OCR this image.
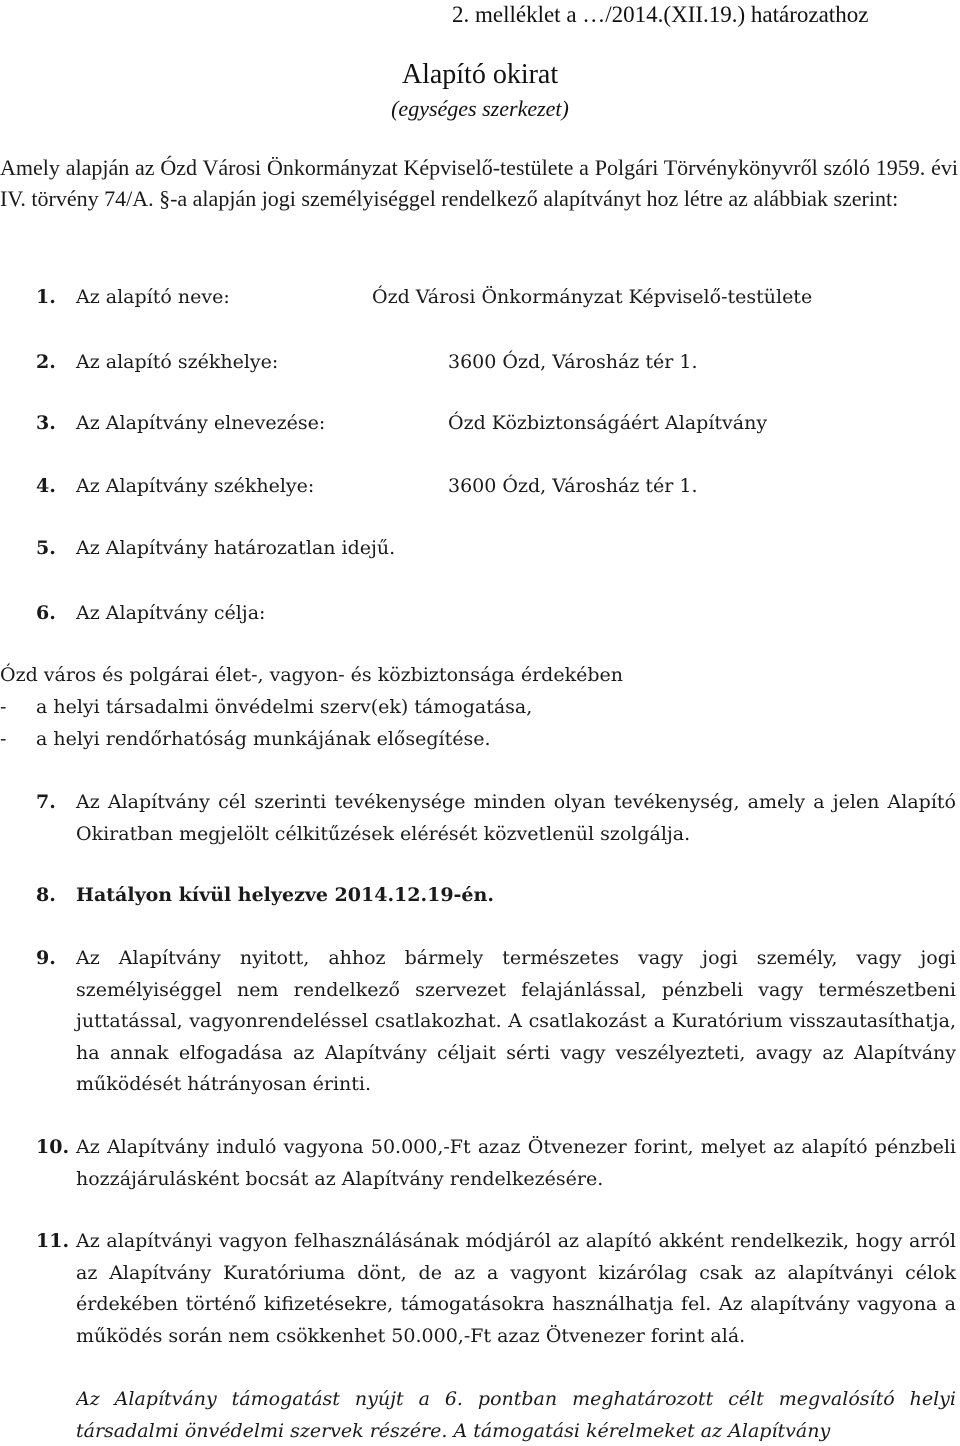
2. melléklet a …/2014.(XII.19.) határozathoz
Alapító okirat
(egységes szerkezet)
Amely alapján az Ózd Városi Önkormányzat Képviselő-testülete a Polgári Törvénykönyvről szóló 1959. évi IV. törvény 74/A. §-a alapján jogi személyiséggel rendelkező alapítványt hoz létre az alábbiak szerint:
1. Az alapító neve:	Ózd Városi Önkormányzat Képviselő-testülete
2. Az alapító székhelye:	3600 Ózd, Városház tér 1.
3. Az Alapítvány elnevezése:	Ózd Közbiztonságáért Alapítvány
4. Az Alapítvány székhelye:	3600 Ózd, Városház tér 1.
5. Az Alapítvány határozatlan idejű.
6. Az Alapítvány célja:
Ózd város és polgárai élet-, vagyon- és közbiztonsága érdekében
- a helyi társadalmi önvédelmi szerv(ek) támogatása,
- a helyi rendőrhatóság munkájának elősegítése.
7. Az Alapítvány cél szerinti tevékenysége minden olyan tevékenység, amely a jelen Alapító Okiratban megjelölt célkitűzések elérését közvetlenül szolgálja.
8. Hatályon kívül helyezve 2014.12.19-én.
9. Az Alapítvány nyitott, ahhoz bármely természetes vagy jogi személy, vagy jogi személyiséggel nem rendelkező szervezet felajánlással, pénzbeli vagy természetbeni juttatással, vagyonrendeléssel csatlakozhat. A csatlakozást a Kuratórium visszautasíthatja, ha annak elfogadása az Alapítvány céljait sérti vagy veszélyezteti, avagy az Alapítvány működését hátrányosan érinti.
10. Az Alapítvány induló vagyona 50.000,-Ft azaz Ötvenezer forint, melyet az alapító pénzbeli hozzájárulásként bocsát az Alapítvány rendelkezésére.
11. Az alapítványi vagyon felhasználásának módjáról az alapító akként rendelkezik, hogy arról az Alapítvány Kuratóriuma dönt, de az a vagyont kizárólag csak az alapítványi célok érdekében történő kifizetésekre, támogatásokra használhatja fel. Az alapítvány vagyona a működés során nem csökkenhet 50.000,-Ft azaz Ötvenezer forint alá.
Az Alapítvány támogatást nyújt a 6. pontban meghatározott célt megvalósító helyi társadalmi önvédelmi szervek részére. A támogatási kérelmeket az Alapítvány
